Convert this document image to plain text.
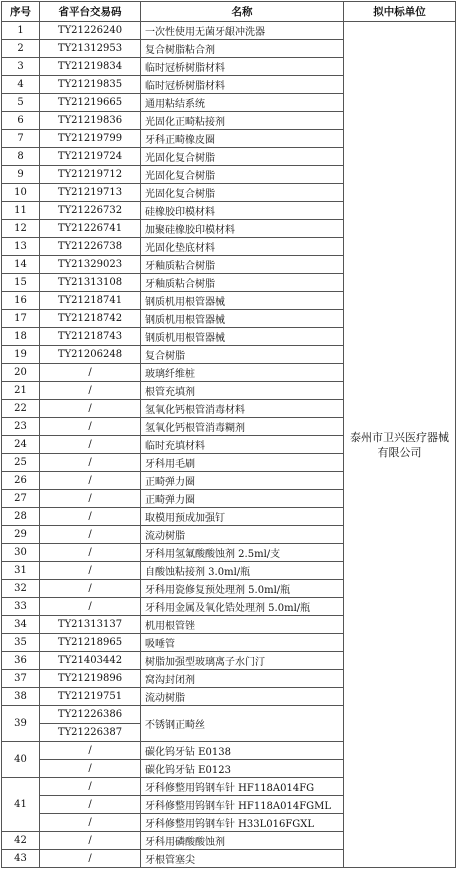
序号	省平台交易码	名称	拟中标单位
1	TY21226240	一次性使用无菌牙龈冲洗器	泰州市卫兴医疗器械有限公司
2	TY21312953	复合树脂粘合剂	
3	TY21219834	临时冠桥树脂材料	
4	TY21219835	临时冠桥树脂材料	
5	TY21219665	通用粘结系统	
6	TY21219836	光固化正畸粘接剂	
7	TY21219799	牙科正畸橡皮圈	
8	TY21219724	光固化复合树脂	
9	TY21219712	光固化复合树脂	
10	TY21219713	光固化复合树脂	
11	TY21226732	硅橡胶印模材料	
12	TY21226741	加聚硅橡胶印模材料	
13	TY21226738	光固化垫底材料	
14	TY21329023	牙釉质粘合树脂	
15	TY21313108	牙釉质粘合树脂	
16	TY21218741	钢质机用根管器械	
17	TY21218742	钢质机用根管器械	
18	TY21218743	钢质机用根管器械	
19	TY21206248	复合树脂	
20	/	玻璃纤维桩	
21	/	根管充填剂	
22	/	氢氧化钙根管消毒材料	
23	/	氢氧化钙根管消毒糊剂	
24	/	临时充填材料	
25	/	牙科用毛刷	
26	/	正畸弹力圈	
27	/	正畸弹力圈	
28	/	取模用预成加强钉	
29	/	流动树脂	
30	/	牙科用氢氟酸酸蚀剂 2.5ml/支	
31	/	自酸蚀粘接剂 3.0ml/瓶	
32	/	牙科用瓷修复预处理剂 5.0ml/瓶	
33	/	牙科用金属及氧化锆处理剂 5.0ml/瓶	
34	TY21313137	机用根管锉	
35	TY21218965	吸唾管	
36	TY21403442	树脂加强型玻璃离子水门汀	
37	TY21219896	窝沟封闭剂	
38	TY21219751	流动树脂	
39	TY21226386	不锈钢正畸丝	
	TY21226387		
40	/	碳化钨牙钻 E0138	
	/	碳化钨牙钻 E0123	
41	/	牙科修整用钨钢车针 HF118A014FG	
	/	牙科修整用钨钢车针 HF118A014FGML	
	/	牙科修整用钨钢车针 H33L016FGXL	
42	/	牙科用磷酸酸蚀剂	
43	/	牙根管塞尖	
